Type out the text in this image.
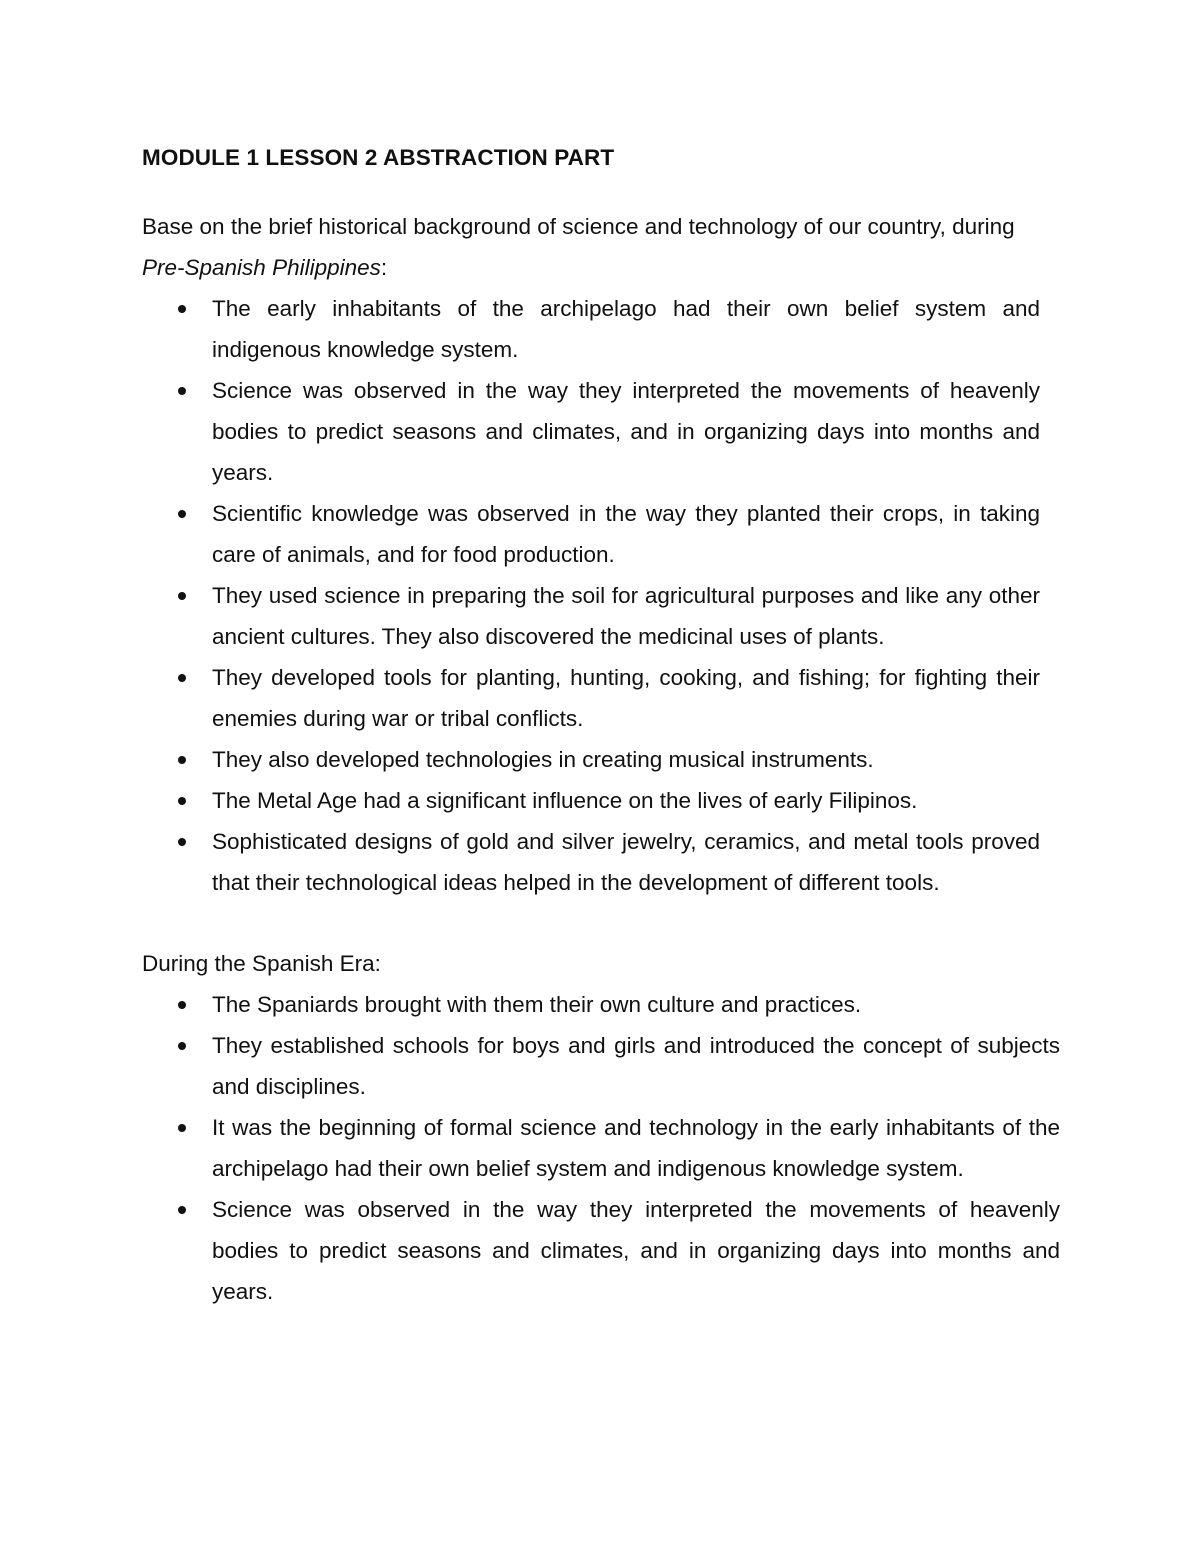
MODULE 1 LESSON 2 ABSTRACTION PART

Base on the brief historical background of science and technology of our country, during
Pre-Spanish Philippines:

The early inhabitants of the archipelago had their own belief system and indigenous knowledge system.
Science was observed in the way they interpreted the movements of heavenly bodies to predict seasons and climates, and in organizing days into months and years.
Scientific knowledge was observed in the way they planted their crops, in taking care of animals, and for food production.
They used science in preparing the soil for agricultural purposes and like any other ancient cultures. They also discovered the medicinal uses of plants.
They developed tools for planting, hunting, cooking, and fishing; for fighting their enemies during war or tribal conflicts.
They also developed technologies in creating musical instruments.
The Metal Age had a significant influence on the lives of early Filipinos.
Sophisticated designs of gold and silver jewelry, ceramics, and metal tools proved that their technological ideas helped in the development of different tools.

During the Spanish Era:

The Spaniards brought with them their own culture and practices.
They established schools for boys and girls and introduced the concept of subjects and disciplines.
It was the beginning of formal science and technology in the early inhabitants of the archipelago had their own belief system and indigenous knowledge system.
Science was observed in the way they interpreted the movements of heavenly bodies to predict seasons and climates, and in organizing days into months and years.
